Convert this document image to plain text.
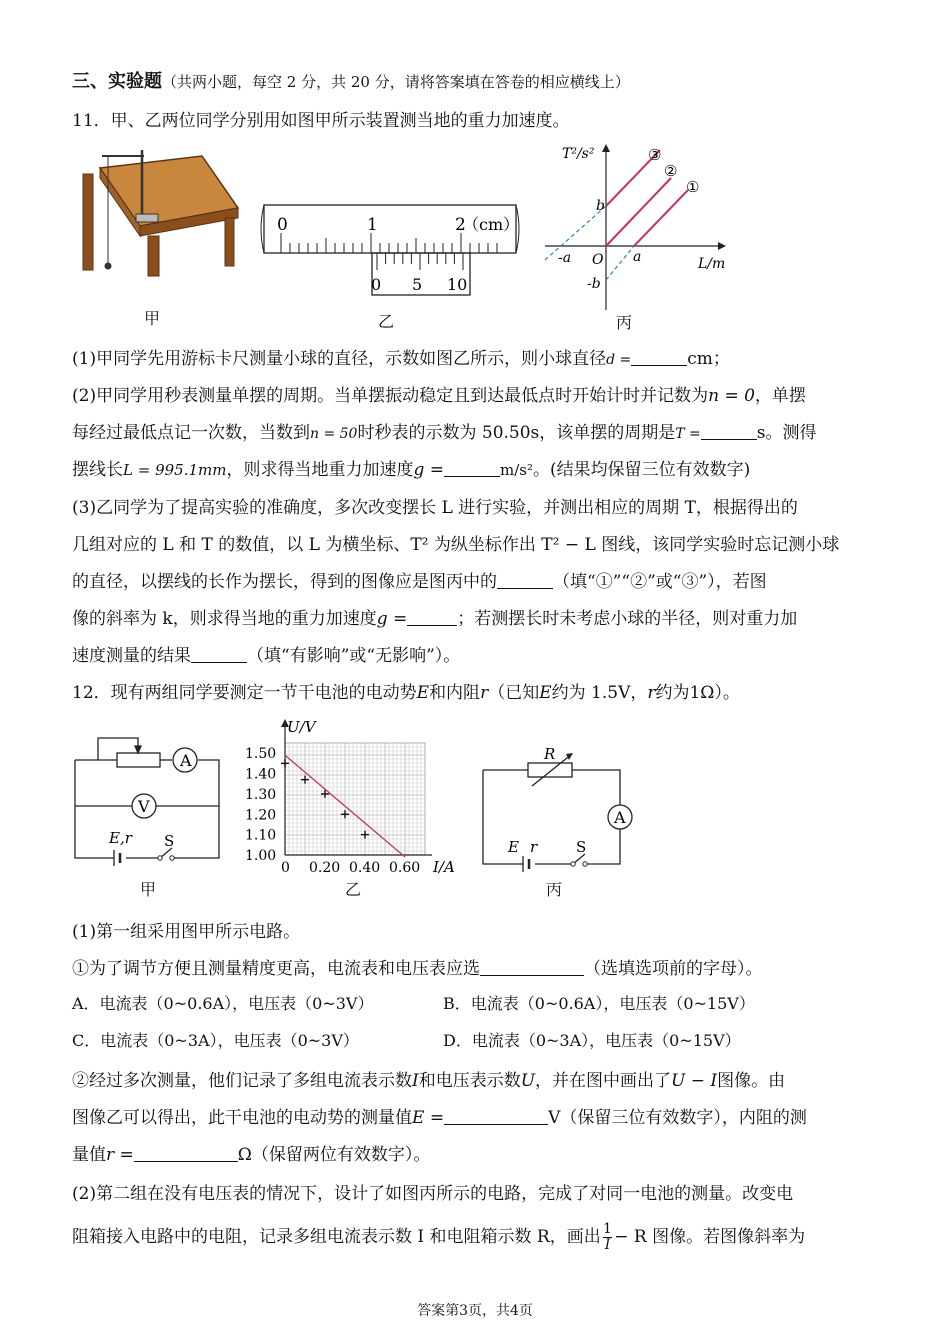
三、实验题（共两小题，每空 2 分，共 20 分，请将答案填在答卷的相应横线上）
11．甲、乙两位同学分别用如图甲所示装置测当地的重力加速度。
甲
0	1	2
（cm）
0 5 10
乙
T²/s²
L/m
O
b
-b
a
-a
③
②
①
丙
(1)甲同学先用游标卡尺测量小球的直径，示数如图乙所示，则小球直径d =	cm；
(2)甲同学用秒表测量单摆的周期。当单摆振动稳定且到达最低点时开始计时并记数为n = 0，单摆
每经过最低点记一次数，当数到n = 50时秒表的示数为 50.50s，该单摆的周期是T =	s。测得
摆线长L = 995.1mm，则求得当地重力加速度g =	m/s²。(结果均保留三位有效数字)
(3)乙同学为了提高实验的准确度，多次改变摆长 L 进行实验，并测出相应的周期 T，根据得出的
几组对应的 L 和 T 的数值，以 L 为横坐标、T² 为纵坐标作出 T² − L 图线，该同学实验时忘记测小球
的直径，以摆线的长作为摆长，得到的图像应是图丙中的	（填“①”“②”或“③”），若图
像的斜率为 k，则求得当地的重力加速度g =	；若测摆长时未考虑小球的半径，则对重力加
速度测量的结果	（填“有影响”或“无影响”）。
12．现有两组同学要测定一节干电池的电动势E和内阻r（已知E约为 1.5V，r约为1Ω）。
A
V
E,r S
甲
U/V
I/A
1.00
1.10
1.20
1.30
1.40
1.50
0 0.20 0.40 0.60
乙
R
A
E r	S
丙
(1)第一组采用图甲所示电路。
①为了调节方便且测量精度更高，电流表和电压表应选	（选填选项前的字母）。
A．电流表（0~0.6A），电压表（0~3V）	B．电流表（0~0.6A），电压表（0~15V）
C．电流表（0~3A），电压表（0~3V）	D．电流表（0~3A），电压表（0~15V）
②经过多次测量，他们记录了多组电流表示数I和电压表示数U，并在图中画出了U − I图像。由
图像乙可以得出，此干电池的电动势的测量值E =	V（保留三位有效数字），内阻的测
量值r =	Ω（保留两位有效数字）。
(2)第二组在没有电压表的情况下，设计了如图丙所示的电路，完成了对同一电池的测量。改变电
阻箱接入电路中的电阻，记录多组电流表示数 I 和电阻箱示数 R，画出 $\frac{1}{I} - R$ 图像。若图像斜率为
答案第3页，共4页
